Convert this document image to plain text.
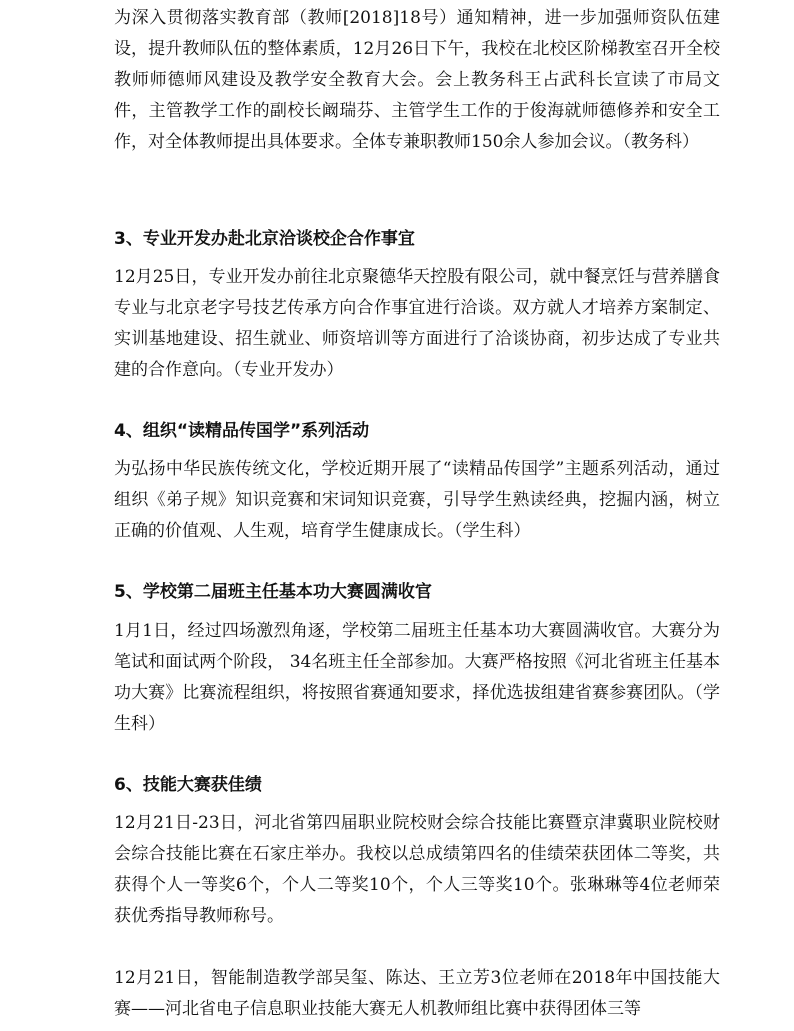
为深入贯彻落实教育部（教师[2018]18号）通知精神，进一步加强师资队伍建设，提升教师队伍的整体素质，12月26日下午，我校在北校区阶梯教室召开全校教师师德师风建设及教学安全教育大会。会上教务科王占武科长宣读了市局文件，主管教学工作的副校长阚瑞芬、主管学生工作的于俊海就师德修养和安全工作，对全体教师提出具体要求。全体专兼职教师150余人参加会议。（教务科）

3、专业开发办赴北京洽谈校企合作事宜

12月25日，专业开发办前往北京聚德华天控股有限公司，就中餐烹饪与营养膳食专业与北京老字号技艺传承方向合作事宜进行洽谈。双方就人才培养方案制定、实训基地建设、招生就业、师资培训等方面进行了洽谈协商，初步达成了专业共建的合作意向。（专业开发办）

4、组织“读精品传国学”系列活动

为弘扬中华民族传统文化，学校近期开展了“读精品传国学”主题系列活动，通过组织《弟子规》知识竞赛和宋词知识竞赛，引导学生熟读经典，挖掘内涵，树立正确的价值观、人生观，培育学生健康成长。（学生科）

5、学校第二届班主任基本功大赛圆满收官

1月1日，经过四场激烈角逐，学校第二届班主任基本功大赛圆满收官。大赛分为笔试和面试两个阶段， 34名班主任全部参加。大赛严格按照《河北省班主任基本功大赛》比赛流程组织，将按照省赛通知要求，择优选拔组建省赛参赛团队。（学生科）

6、技能大赛获佳绩

12月21日-23日，河北省第四届职业院校财会综合技能比赛暨京津冀职业院校财会综合技能比赛在石家庄举办。我校以总成绩第四名的佳绩荣获团体二等奖，共获得个人一等奖6个，个人二等奖10个，个人三等奖10个。张琳琳等4位老师荣获优秀指导教师称号。

12月21日，智能制造教学部吴玺、陈达、王立芳3位老师在2018年中国技能大赛——河北省电子信息职业技能大赛无人机教师组比赛中获得团体三等
